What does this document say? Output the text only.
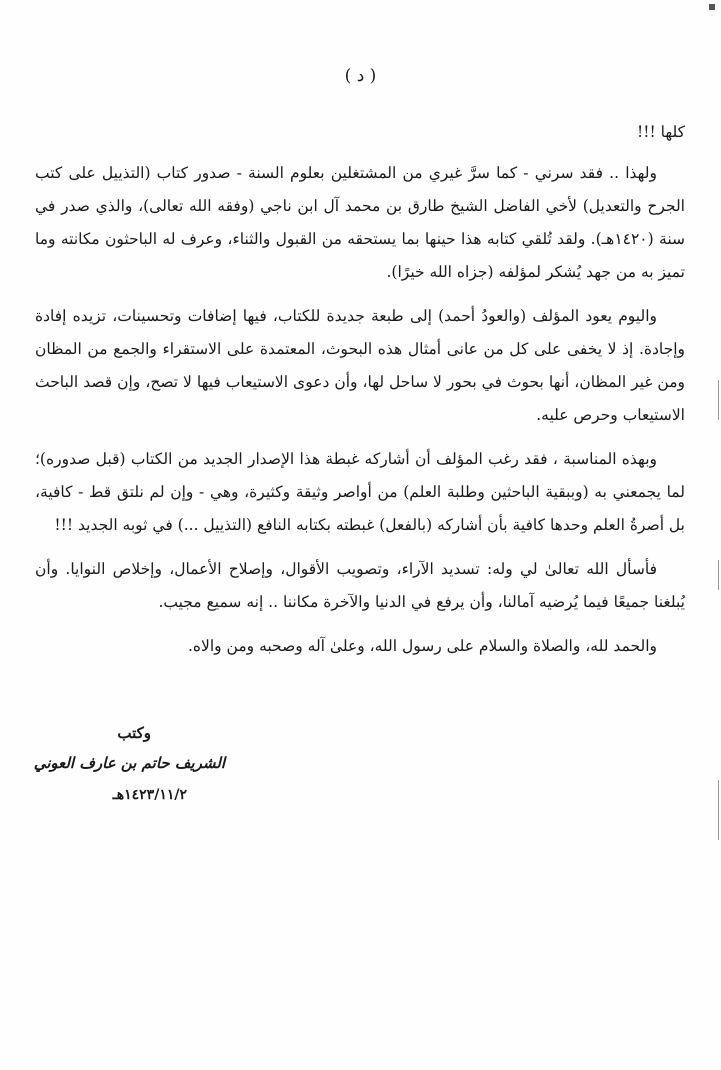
( د )

كلها !!!

ولهذا .. فقد سرني - كما سرَّ غيري من المشتغلين بعلوم السنة - صدور كتاب (التذييل على كتب الجرح والتعديل) لأخي الفاضل الشيخ طارق بن محمد آل ابن ناجي (وفقه الله تعالى)، والذي صدر في سنة (١٤٢٠هـ). ولقد تُلقي كتابه هذا حينها بما يستحقه من القبول والثناء، وعرف له الباحثون مكانته وما تميز به من جهد يُشكر لمؤلفه (جزاه الله خيرًا).

واليوم يعود المؤلف (والعودُ أحمد) إلى طبعة جديدة للكتاب، فيها إضافات وتحسينات، تزيده إفادة وإجادة. إذ لا يخفى على كل من عانى أمثال هذه البحوث، المعتمدة على الاستقراء والجمع من المظان ومن غير المظان، أنها بحوث في بحور لا ساحل لها، وأن دعوى الاستيعاب فيها لا تصح، وإن قصد الباحث الاستيعاب وحرص عليه.

وبهذه المناسبة ، فقد رغب المؤلف أن أشاركه غبطة هذا الإصدار الجديد من الكتاب (قبل صدوره)؛ لما يجمعني به (وببقية الباحثين وطلبة العلم) من أواصر وثيقة وكثيرة، وهي - وإن لم نلتق قط - كافية، بل أصرةُ العلم وحدها كافية بأن أشاركه (بالفعل) غبطته بكتابه النافع (التذييل ...) في ثوبه الجديد !!!

فأسأل الله تعالىٰ لي وله: تسديد الآراء، وتصويب الأقوال، وإصلاح الأعمال، وإخلاص النوايا. وأن يُبلغنا جميعًا فيما يُرضيه آمالنا، وأن يرفع في الدنيا والآخرة مكاننا .. إنه سميع مجيب.

والحمد لله، والصلاة والسلام على رسول الله، وعلىٰ آله وصحبه ومن والاه.

وكتب
الشريف حاتم بن عارف العوني
١٤٢٣/١١/٢هـ
